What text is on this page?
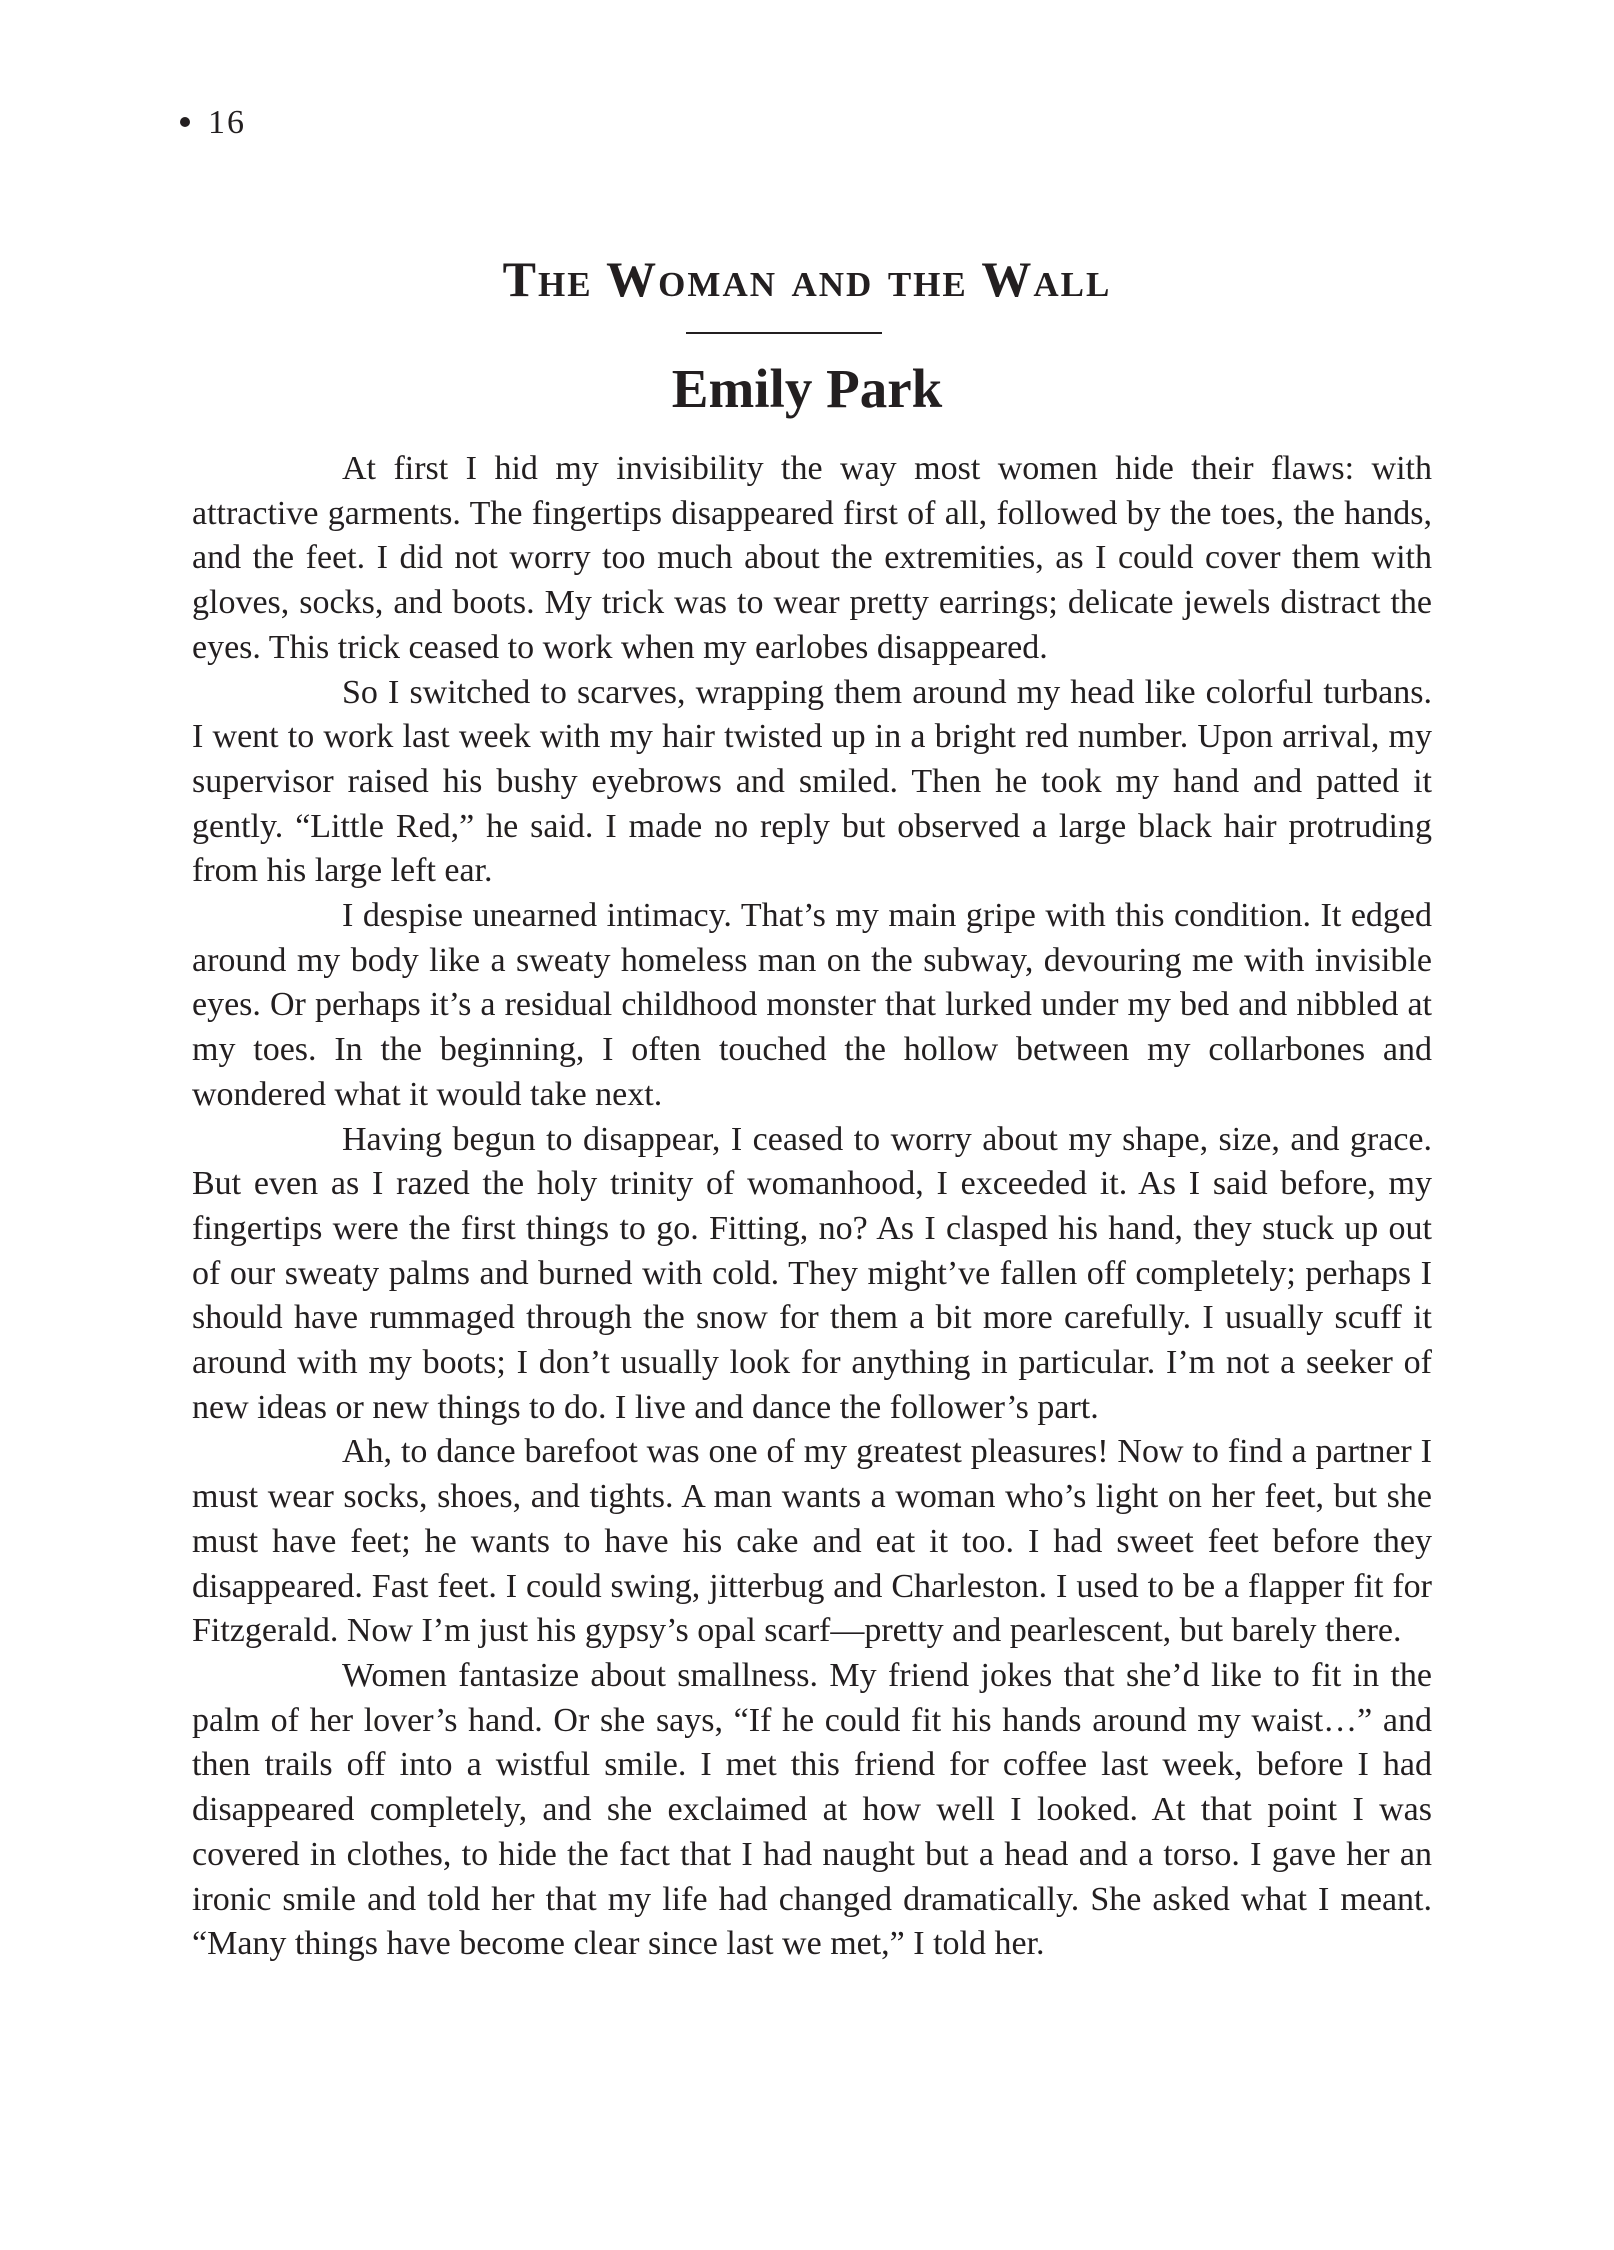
16
The Woman and the Wall
Emily Park

At first I hid my invisibility the way most women hide their flaws: with attractive garments. The fingertips disappeared first of all, followed by the toes, the hands, and the feet. I did not worry too much about the extremities, as I could cover them with gloves, socks, and boots. My trick was to wear pretty earrings; delicate jewels distract the eyes. This trick ceased to work when my earlobes disappeared.

So I switched to scarves, wrapping them around my head like colorful turbans. I went to work last week with my hair twisted up in a bright red number. Upon arrival, my supervisor raised his bushy eyebrows and smiled. Then he took my hand and patted it gently. “Little Red,” he said. I made no reply but observed a large black hair protruding from his large left ear.

I despise unearned intimacy. That’s my main gripe with this condition. It edged around my body like a sweaty homeless man on the subway, devouring me with invisible eyes. Or perhaps it’s a residual childhood monster that lurked under my bed and nibbled at my toes. In the beginning, I often touched the hollow between my collarbones and wondered what it would take next.

Having begun to disappear, I ceased to worry about my shape, size, and grace. But even as I razed the holy trinity of womanhood, I exceeded it. As I said before, my fingertips were the first things to go. Fitting, no? As I clasped his hand, they stuck up out of our sweaty palms and burned with cold. They might’ve fallen off completely; perhaps I should have rummaged through the snow for them a bit more carefully. I usually scuff it around with my boots; I don’t usually look for anything in particular. I’m not a seeker of new ideas or new things to do. I live and dance the follower’s part.

Ah, to dance barefoot was one of my greatest pleasures! Now to find a partner I must wear socks, shoes, and tights. A man wants a woman who’s light on her feet, but she must have feet; he wants to have his cake and eat it too. I had sweet feet before they disappeared. Fast feet. I could swing, jitterbug and Charleston. I used to be a flapper fit for Fitzgerald. Now I’m just his gypsy’s opal scarf—pretty and pearlescent, but barely there.

Women fantasize about smallness. My friend jokes that she’d like to fit in the palm of her lover’s hand. Or she says, “If he could fit his hands around my waist…” and then trails off into a wistful smile. I met this friend for coffee last week, before I had disappeared completely, and she exclaimed at how well I looked. At that point I was covered in clothes, to hide the fact that I had naught but a head and a torso. I gave her an ironic smile and told her that my life had changed dramatically. She asked what I meant. “Many things have become clear since last we met,” I told her.
